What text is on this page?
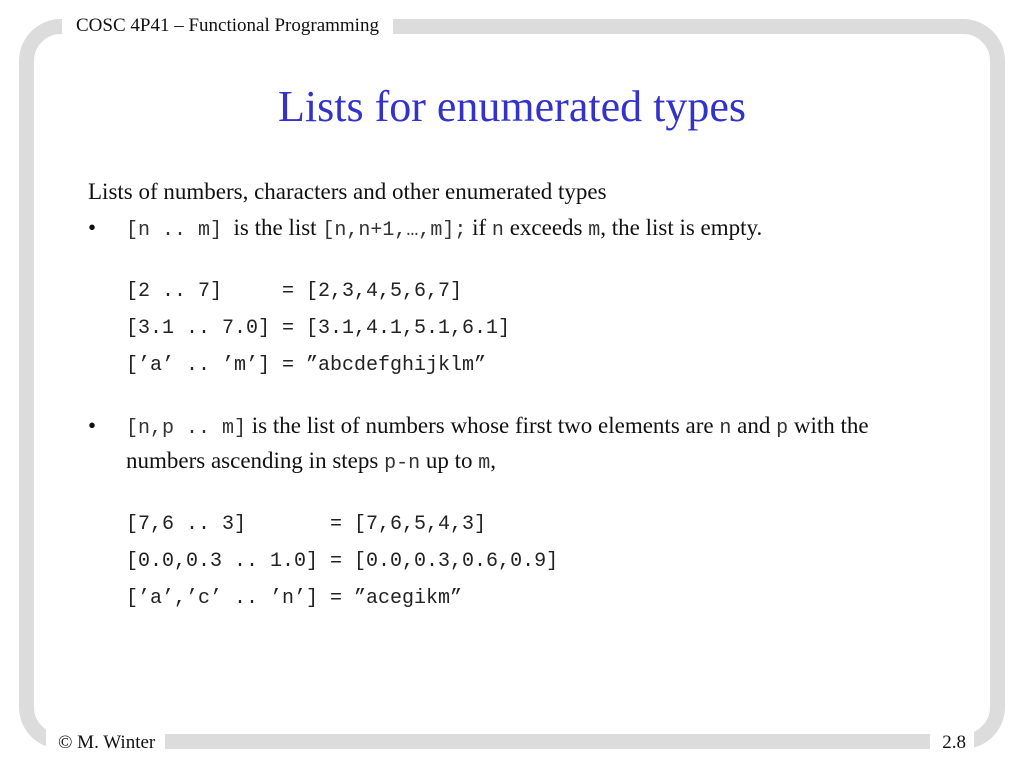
COSC 4P41 – Functional Programming
Lists for enumerated types

Lists of numbers, characters and other enumerated types

•	[n .. m]  is the list [n,n+1,…,m]; if n exceeds m, the list is empty.
[2 .. 7]     = [2,3,4,5,6,7]
[3.1 .. 7.0] = [3.1,4.1,5.1,6.1]
[’a’ .. ’m’] = ”abcdefghijklm”
•	[n,p .. m] is the list of numbers whose first two elements are n and p with the numbers ascending in steps p-n up to m,
[7,6 .. 3]       = [7,6,5,4,3]
[0.0,0.3 .. 1.0] = [0.0,0.3,0.6,0.9]
[’a’,’c’ .. ’n’] = ”acegikm”
© M. Winter	2.8
